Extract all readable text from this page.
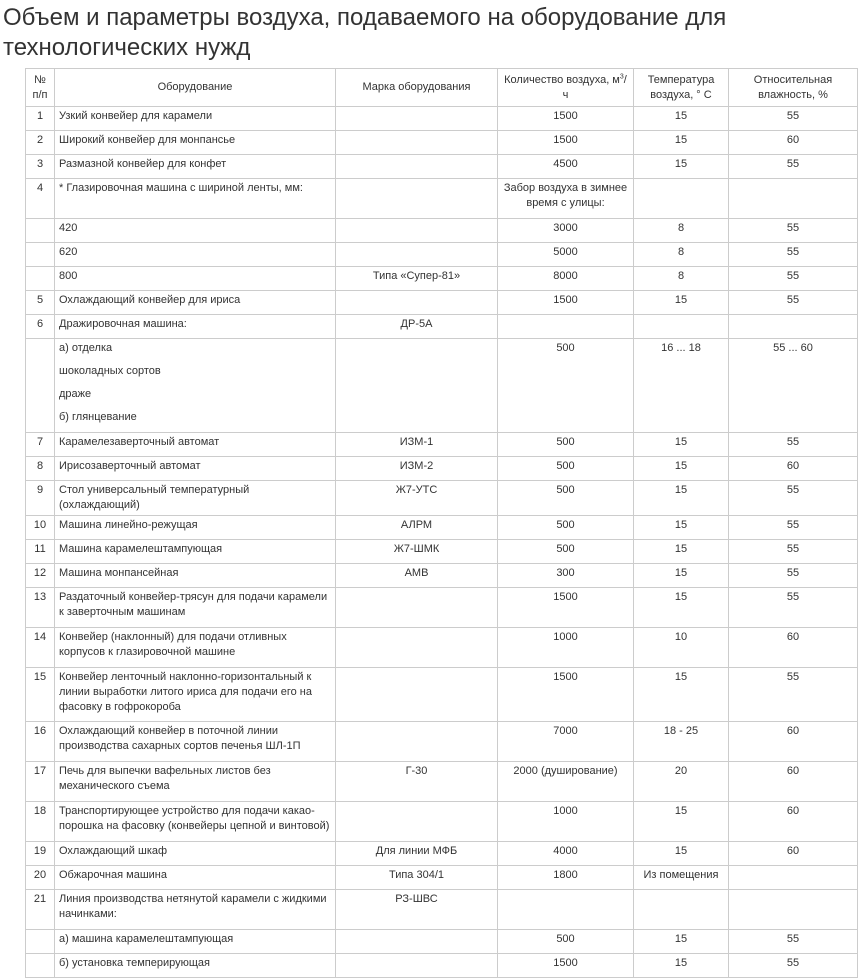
Объем и параметры воздуха, подаваемого на оборудование для технологических нужд
№ п/п	Оборудование	Марка оборудования	Количество воздуха, $м^3/ч$	Температура воздуха, ° С	Относительная влажность, %
1	Узкий конвейер для карамели		1500	15	55
2	Широкий конвейер для монпансье		1500	15	60
3	Размазной конвейер для конфет		4500	15	55
4	* Глазировочная машина с шириной ленты, мм:		Забор воздуха в зимнее время с улицы:		
	420		3000	8	55
	620		5000	8	55
	800	Типа «Супер-81»	8000	8	55
5	Охлаждающий конвейер для ириса		1500	15	55
6	Дражировочная машина:	ДР-5А			

	а) отделка
шоколадных сортов
драже
б) глянцевание		500	16 ... 18	55 ... 60
7	Карамелезаверточный автомат	ИЗМ-1	500	15	55
8	Ирисозаверточный автомат	ИЗМ-2	500	15	60
9	Стол универсальный температурный (охлаждающий)	Ж7-УТС	500	15	55
10	Машина линейно-режущая	АЛРМ	500	15	55
11	Машина карамелештампующая	Ж7-ШМК	500	15	55
12	Машина монпансейная	АМВ	300	15	55
13	Раздаточный конвейер-трясун для подачи карамели к заверточным машинам		1500	15	55
14	Конвейер (наклонный) для подачи отливных корпусов к глазировочной машине		1000	10	60
15	Конвейер ленточный наклонно-горизонтальный к линии выработки литого ириса для подачи его на фасовку в гофрокороба		1500	15	55
16	Охлаждающий конвейер в поточной линии производства сахарных сортов печенья ШЛ-1П		7000	18 - 25	60
17	Печь для выпечки вафельных листов без механического съема	Г-30	2000 (душирование)	20	60
18	Транспортирующее устройство для подачи какао-порошка на фасовку (конвейеры цепной и винтовой)		1000	15	60
19	Охлаждающий шкаф	Для линии МФБ	4000	15	60
20	Обжарочная машина	Типа 304/1	1800	Из помещения	
21	Линия производства нетянутой карамели с жидкими начинками:	РЗ-ШВС			
	а) машина карамелештампующая		500	15	55
	б) установка темперирующая		1500	15	55
